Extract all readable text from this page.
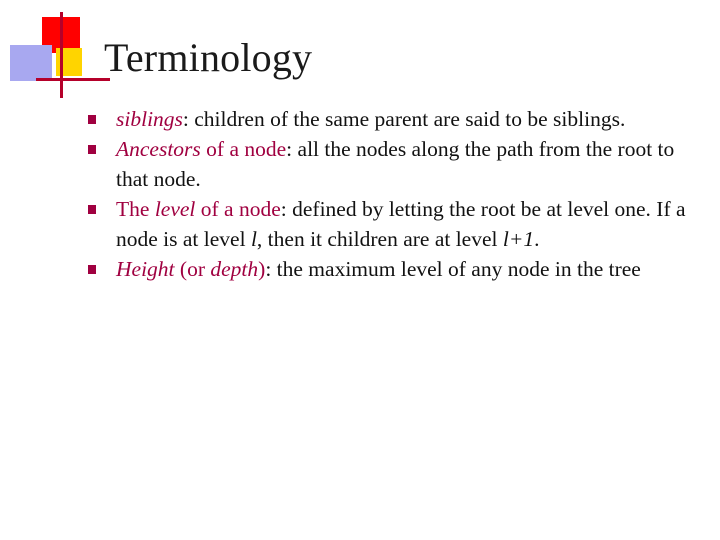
Terminology
siblings: children of the same parent are said to be siblings.
Ancestors of a node: all the nodes along the path from the root to that node.
The level of a node: defined by letting the root be at level one. If a node is at level l, then it children are at level l+1.
Height (or depth): the maximum level of any node in the tree
